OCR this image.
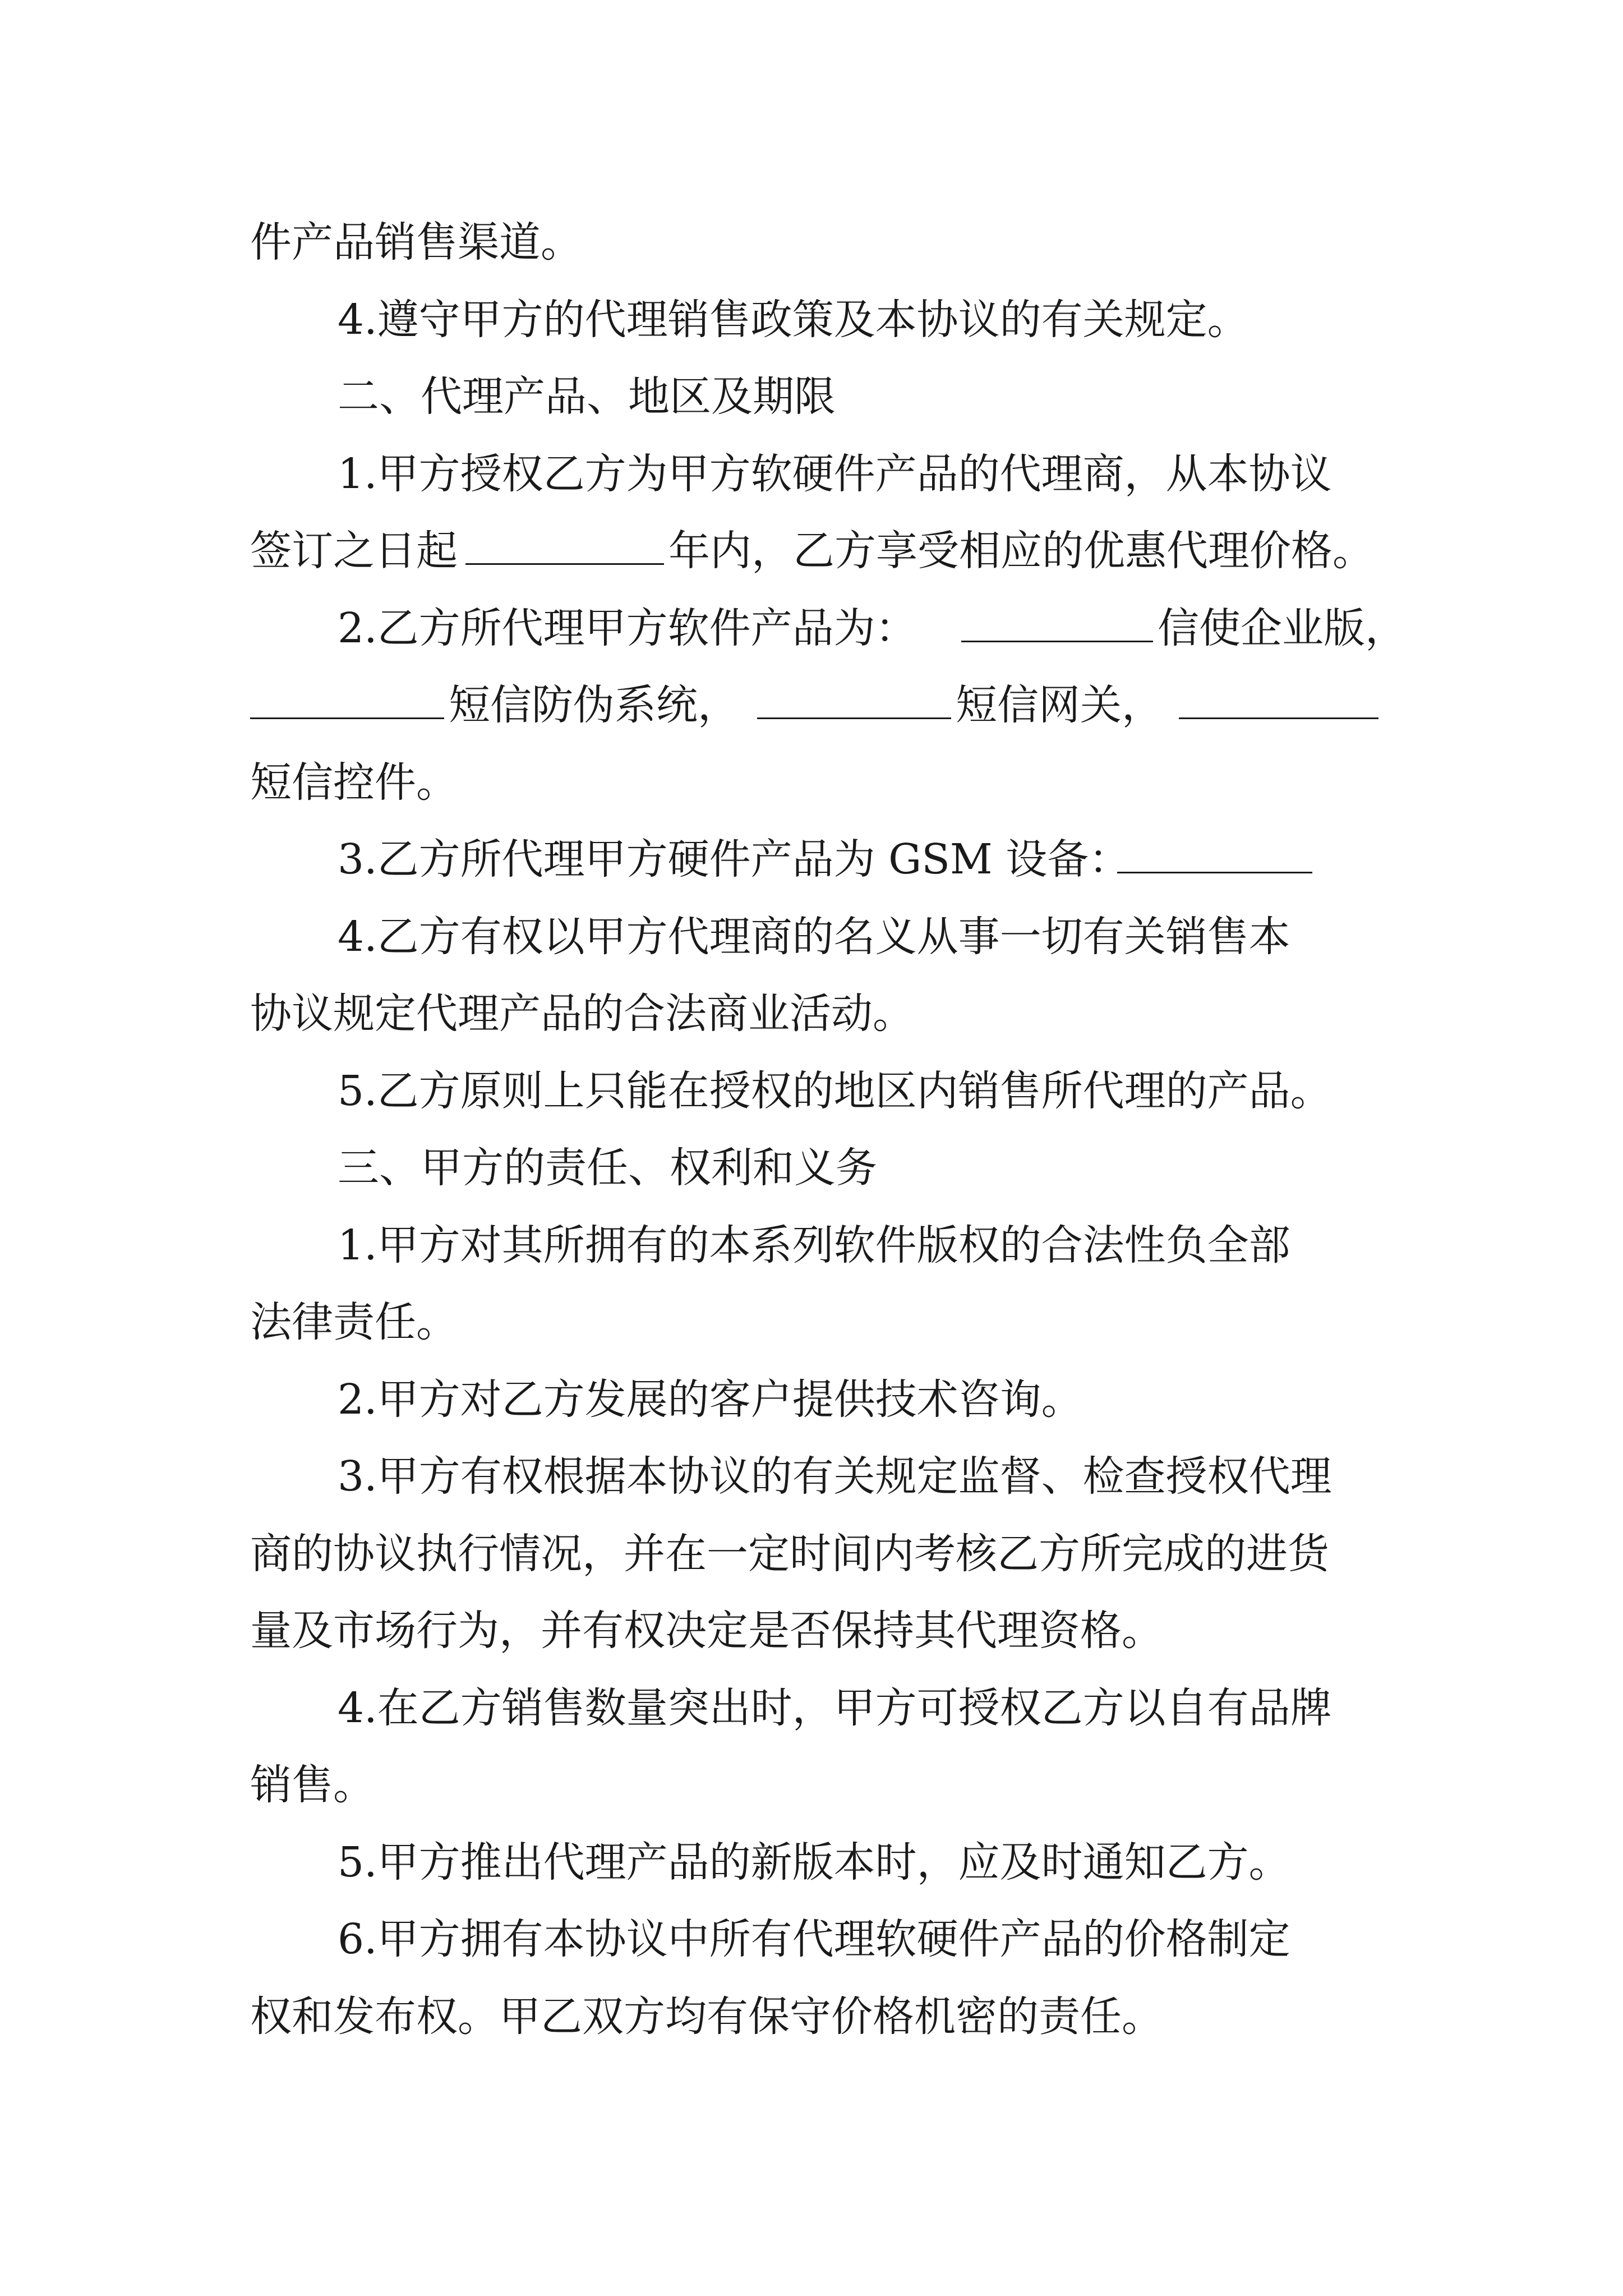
件产品销售渠道。
4.遵守甲方的代理销售政策及本协议的有关规定。
二、代理产品、地区及期限
1.甲方授权乙方为甲方软硬件产品的代理商，从本协议
签订之日起	年内，乙方享受相应的优惠代理价格。
2.乙方所代理甲方软件产品为：	信使企业版，
短信防伪系统，	短信网关，
短信控件。
3.乙方所代理甲方硬件产品为 GSM 设备：
4.乙方有权以甲方代理商的名义从事一切有关销售本
协议规定代理产品的合法商业活动。
5.乙方原则上只能在授权的地区内销售所代理的产品。
三、甲方的责任、权利和义务
1.甲方对其所拥有的本系列软件版权的合法性负全部
法律责任。
2.甲方对乙方发展的客户提供技术咨询。
3.甲方有权根据本协议的有关规定监督、检查授权代理
商的协议执行情况，并在一定时间内考核乙方所完成的进货
量及市场行为，并有权决定是否保持其代理资格。
4.在乙方销售数量突出时，甲方可授权乙方以自有品牌
销售。
5.甲方推出代理产品的新版本时，应及时通知乙方。
6.甲方拥有本协议中所有代理软硬件产品的价格制定
权和发布权。甲乙双方均有保守价格机密的责任。
